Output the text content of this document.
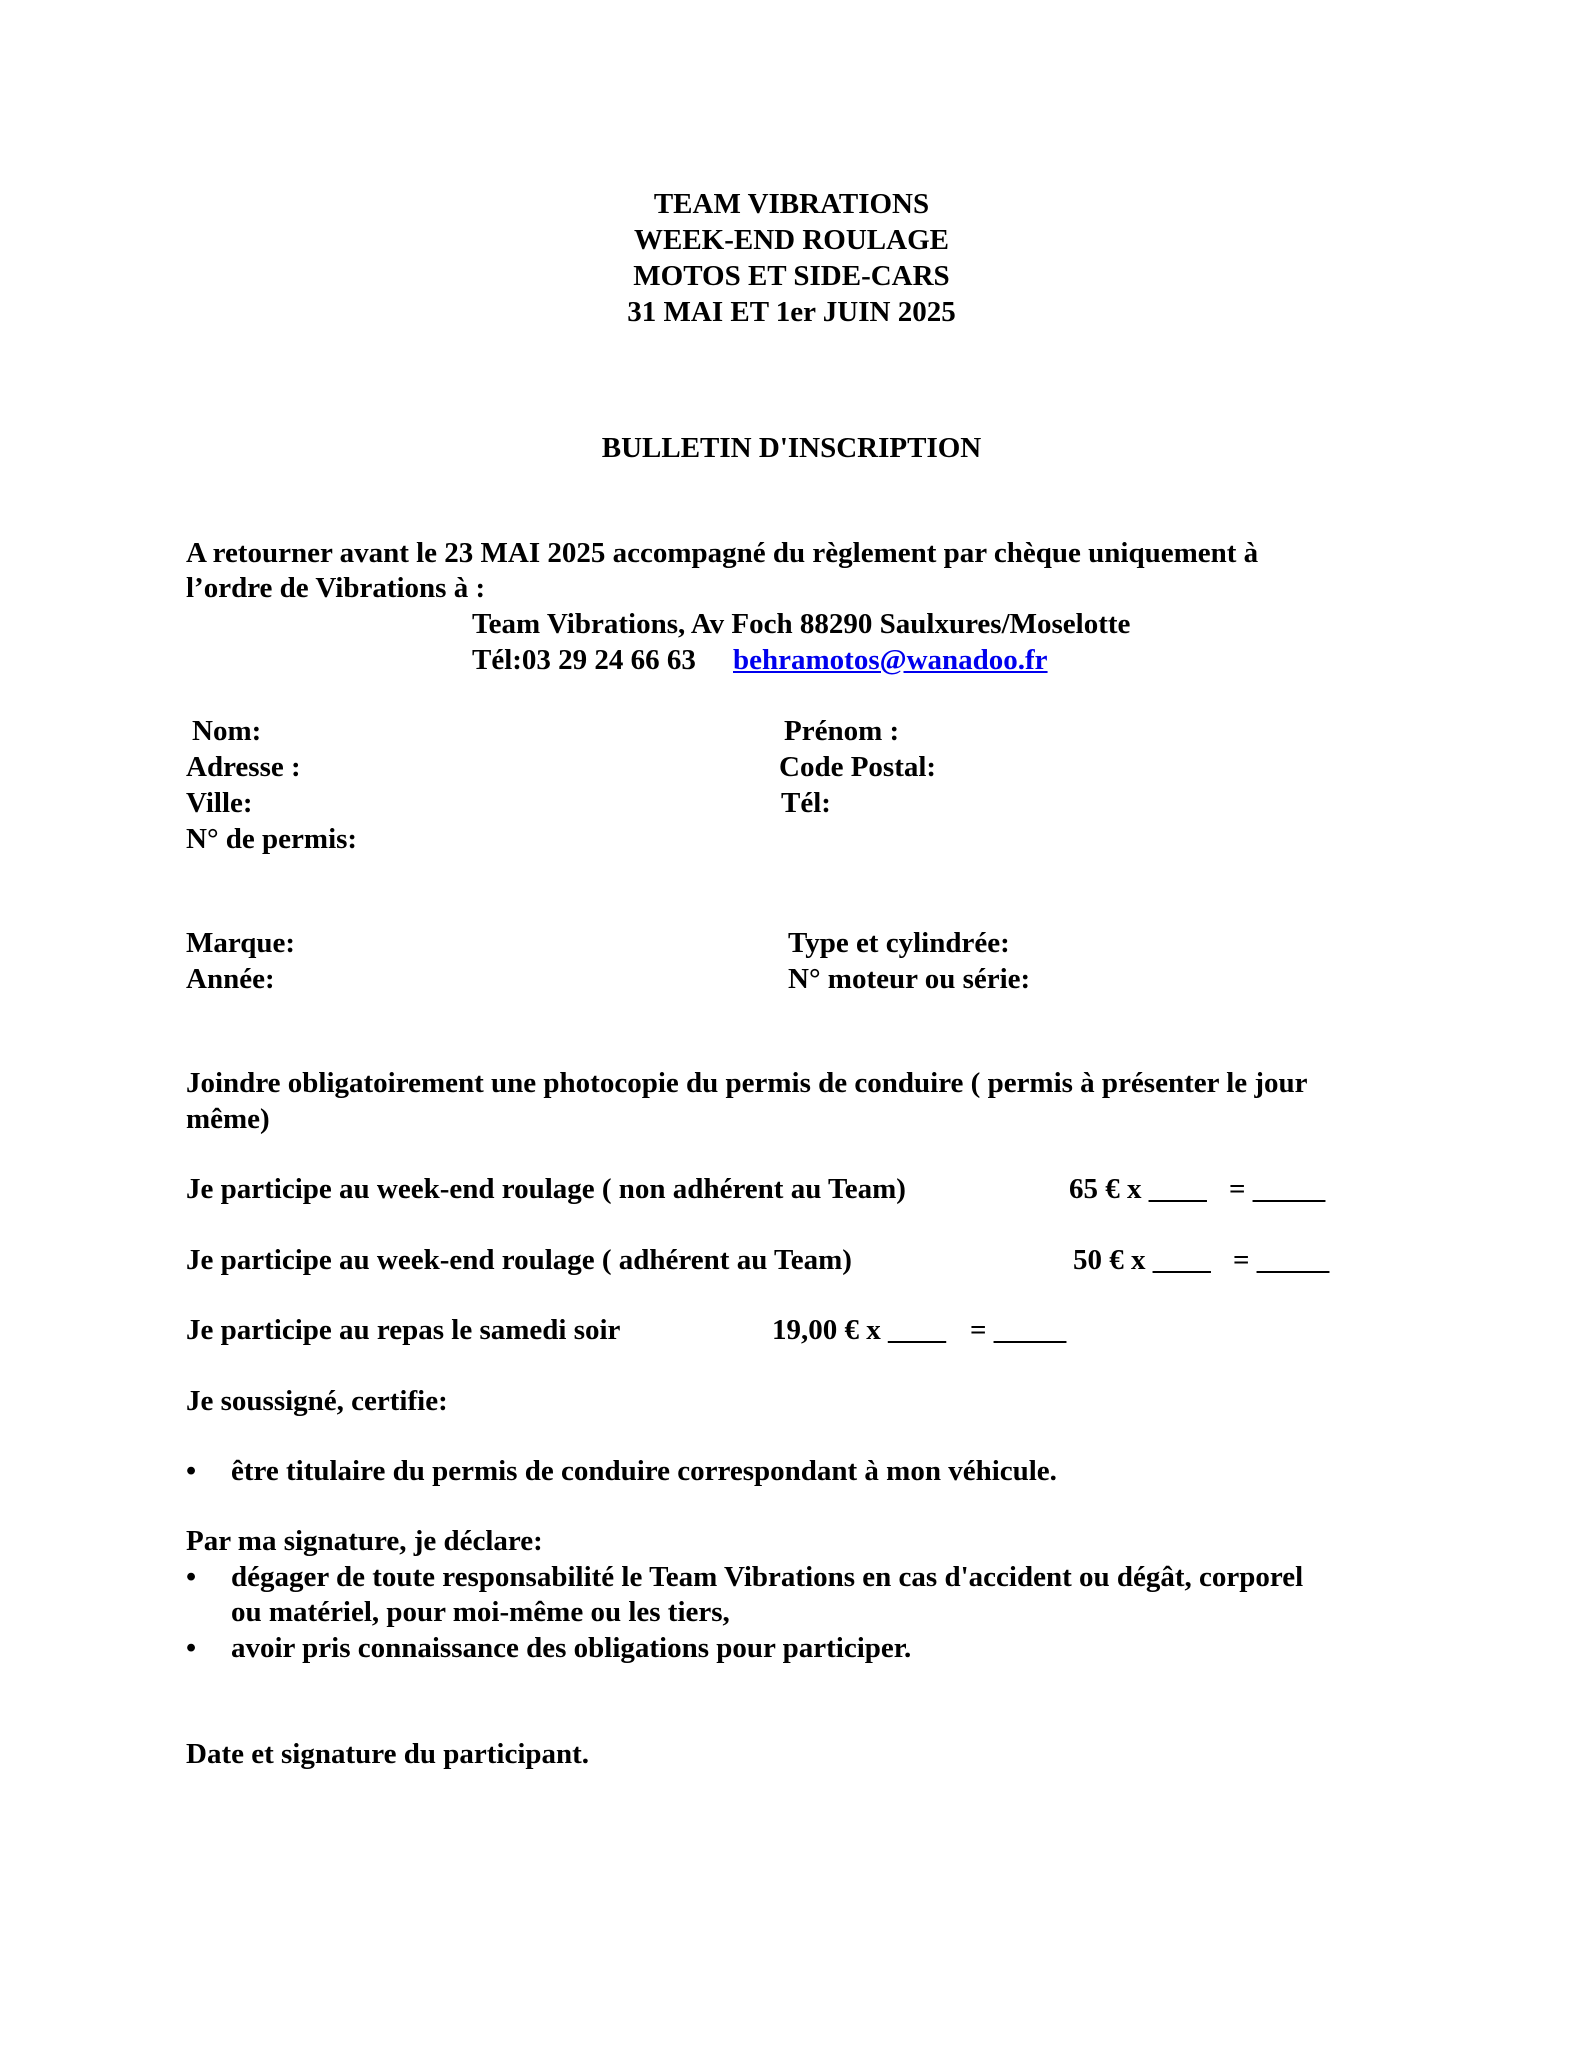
TEAM VIBRATIONS
WEEK-END ROULAGE
MOTOS ET SIDE-CARS
31 MAI ET 1er JUIN 2025
BULLETIN D'INSCRIPTION
A retourner avant le 23 MAI 2025 accompagné du règlement par chèque uniquement à
l’ordre de Vibrations à :
Team Vibrations, Av Foch 88290 Saulxures/Moselotte
Tél:03 29 24 66 63 behramotos@wanadoo.fr
Nom:	Prénom :
Adresse :	Code Postal:
Ville:	Tél:
N° de permis:
Marque:	Type et cylindrée:
Année:	N° moteur ou série:
Joindre obligatoirement une photocopie du permis de conduire ( permis à présenter le jour
même)
Je participe au week-end roulage ( non adhérent au Team)	65 € x ____ = _____
Je participe au week-end roulage ( adhérent au Team)	50 € x ____ = _____
Je participe au repas le samedi soir	19,00 € x ____ = _____
Je soussigné, certifie:
•	être titulaire du permis de conduire correspondant à mon véhicule.
Par ma signature, je déclare:
•	dégager de toute responsabilité le Team Vibrations en cas d'accident ou dégât, corporel
ou matériel, pour moi-même ou les tiers,
•	avoir pris connaissance des obligations pour participer.
Date et signature du participant.
